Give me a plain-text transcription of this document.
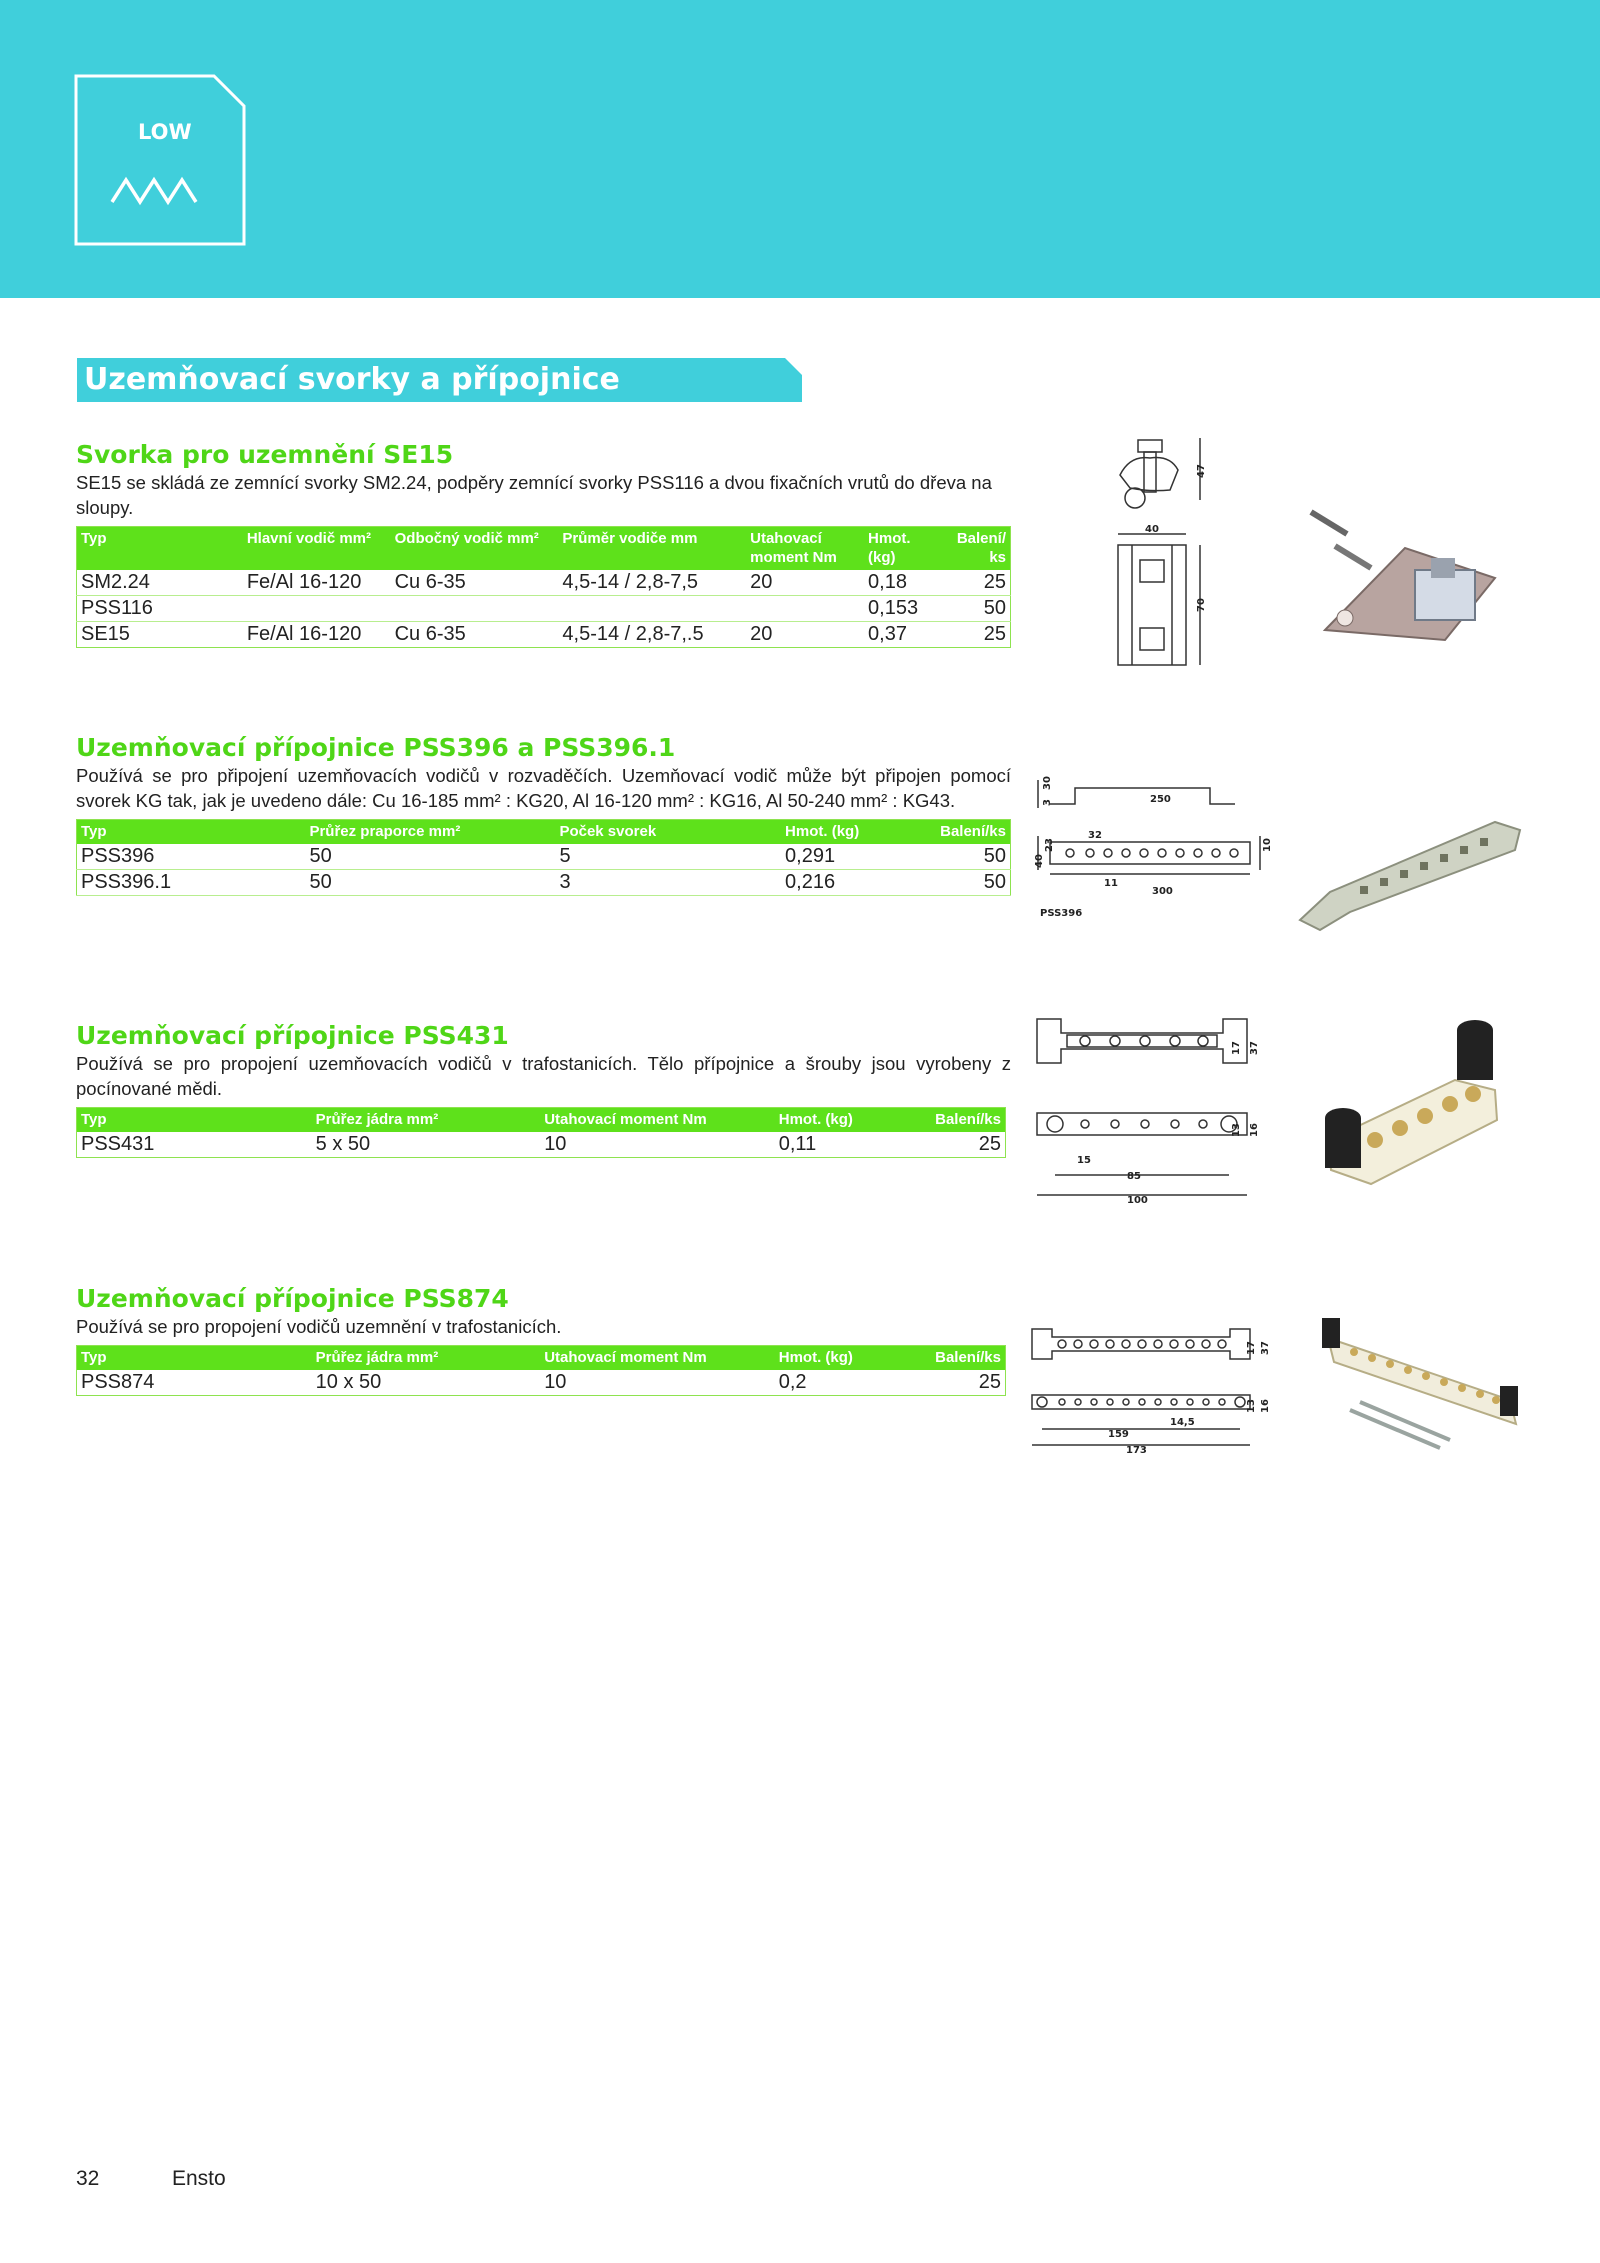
LOW
Uzemňovací svorky a přípojnice
Svorka pro uzemnění SE15
SE15 se skládá ze zemnící svorky SM2.24, podpěry zemnící svorky PSS116 a dvou fixačních vrutů do dřeva na sloupy.
Typ	Hlavní vodič mm²	Odbočný vodič mm²	Průměr vodiče mm	Utahovací moment Nm	Hmot. (kg)	Balení/ ks
SM2.24	Fe/Al 16-120	Cu 6-35	4,5-14 / 2,8-7,5	20	0,18	25
PSS116					0,153	50
SE15	Fe/Al 16-120	Cu 6-35	4,5-14 / 2,8-7,.5	20	0,37	25
47
40
70
Uzemňovací přípojnice PSS396 a PSS396.1
Používá se pro připojení uzemňovacích vodičů v rozvaděčích. Uzemňovací vodič může být připojen pomocí svorek KG tak, jak je uvedeno dále: Cu 16-185 mm² : KG20, Al 16-120 mm² : KG16, Al 50-240 mm² : KG43.
Typ	Průřez praporce mm²	Poček svorek	Hmot. (kg)	Balení/ks
PSS396	50	5	0,291	50
PSS396.1	50	3	0,216	50
30
3	250
40
23
32
10
11
300
PSS396
Uzemňovací přípojnice PSS431
Používá se pro propojení uzemňovacích vodičů v trafostanicích. Tělo přípojnice a šrouby jsou vyrobeny z pocínované mědi.
Typ	Průřez jádra mm²	Utahovací moment Nm	Hmot. (kg)	Balení/ks
PSS431	5 x 50	10	0,11	25
17 37
13 16
15
85
100
Uzemňovací přípojnice PSS874
Používá se pro propojení vodičů uzemnění v trafostanicích.
Typ	Průřez jádra mm²	Utahovací moment Nm	Hmot. (kg)	Balení/ks
PSS874	10 x 50	10	0,2	25
17 37
13 16
14,5
159
173
32	Ensto
